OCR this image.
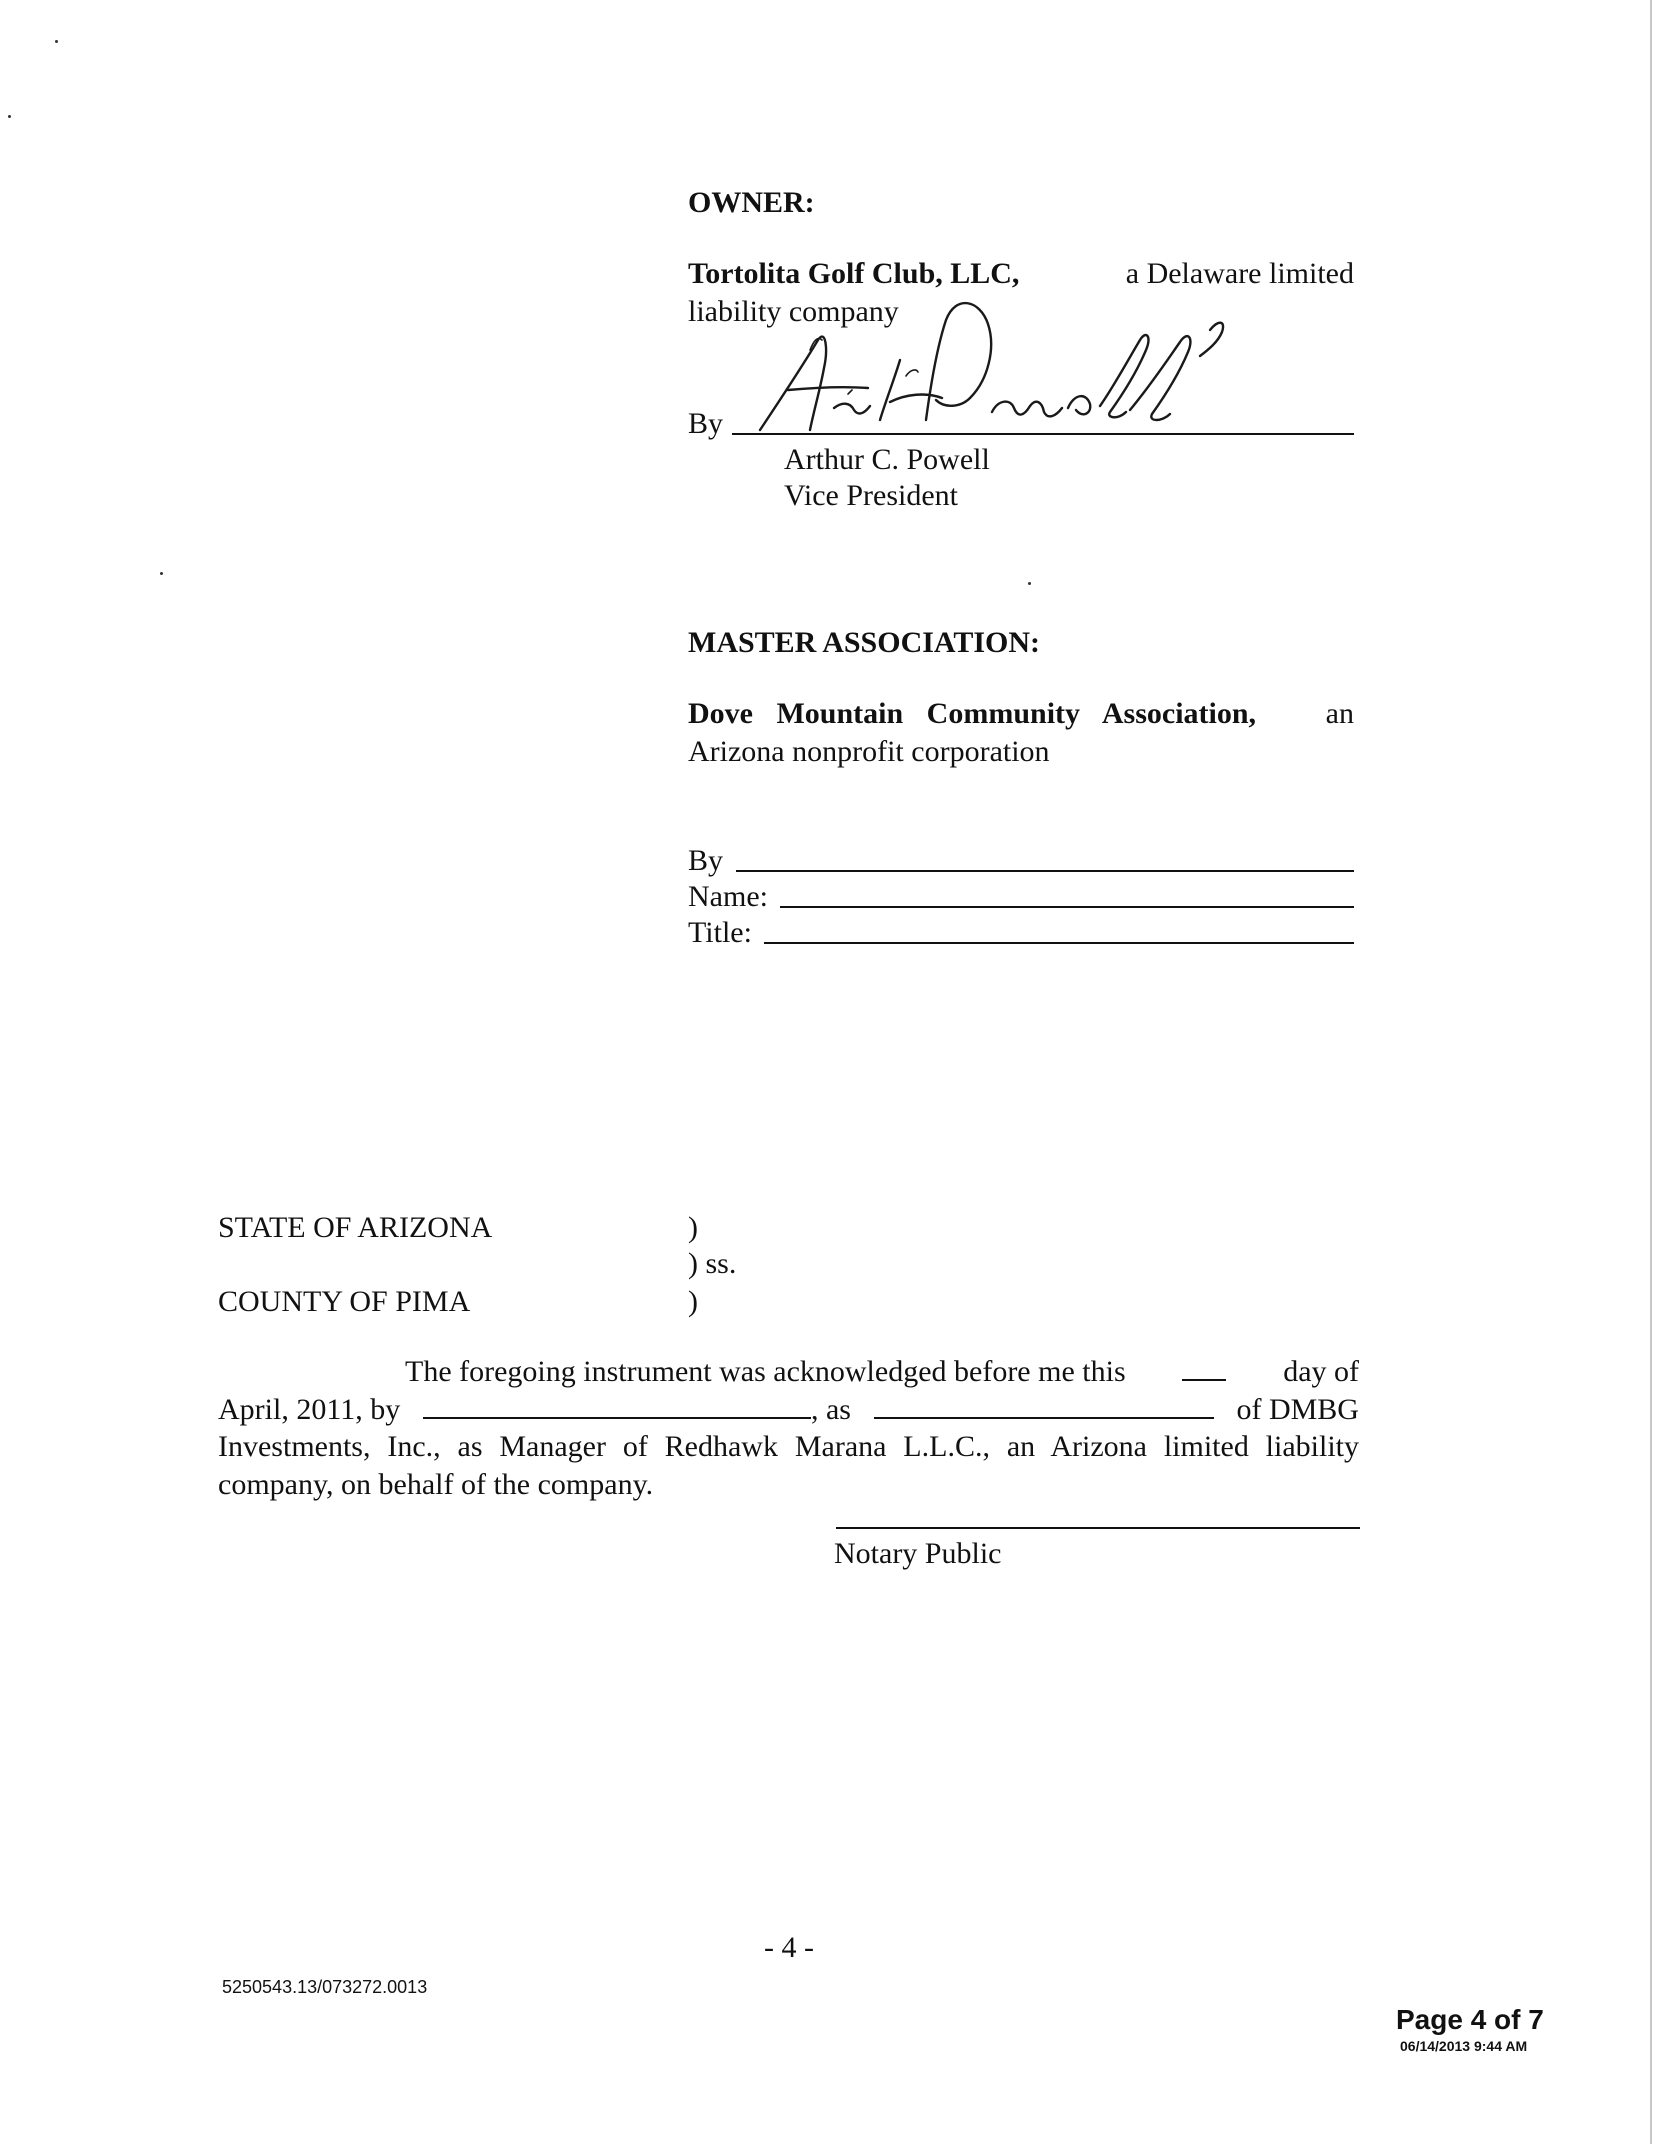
OWNER:
Tortolita Golf Club, LLC,	a Delaware limited
liability company
By
Arthur C. Powell
Vice President
MASTER ASSOCIATION:
Dove Mountain Community Association, an
Arizona nonprofit corporation
By
Name:
Title:
STATE OF ARIZONA	)
) ss.
COUNTY OF PIMA	)
The foregoing instrument was acknowledged before me this	day of
April, 2011, by	, as	of DMBG
Investments, Inc., as Manager of Redhawk Marana L.L.C., an Arizona limited liability
company, on behalf of the company.
Notary Public
- 4 -
5250543.13/073272.0013
Page 4 of 7
06/14/2013 9:44 AM
